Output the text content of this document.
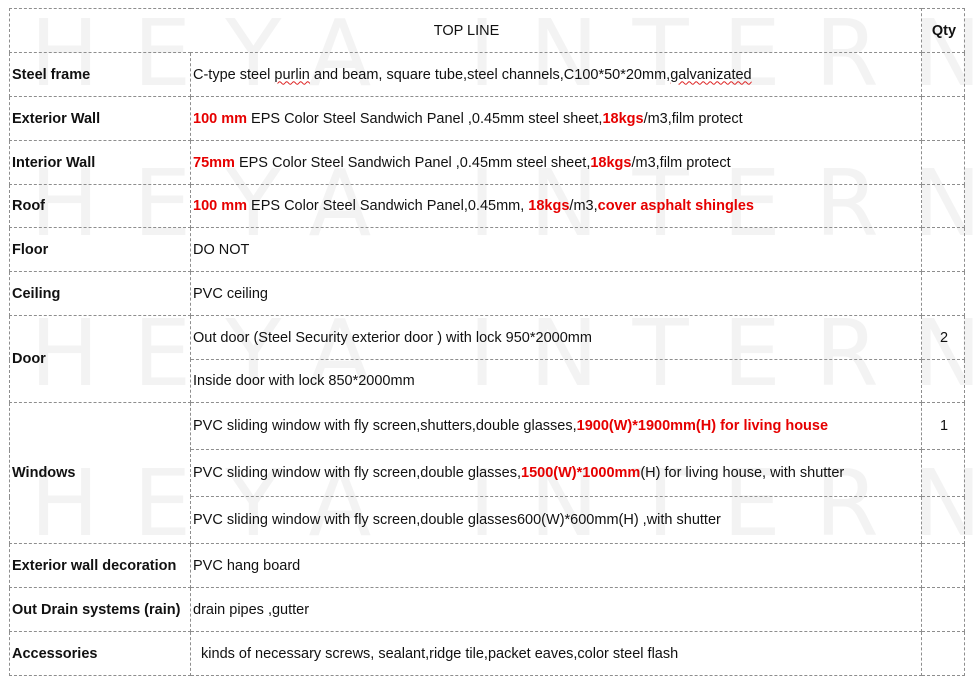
TOP LINE		Qty
Steel frame	C-type steel purlin and beam, square tube,steel channels,C100*50*20mm,galvanizated	
Exterior Wall	100 mm EPS Color Steel Sandwich Panel ,0.45mm steel sheet,18kgs/m3,film protect	
Interior Wall	75mm EPS Color Steel Sandwich Panel ,0.45mm steel sheet,18kgs/m3,film protect	
Roof	100 mm EPS Color Steel Sandwich Panel,0.45mm, 18kgs/m3,cover asphalt shingles	
Floor	DO NOT	
Ceiling	PVC ceiling	
Door	Out door (Steel Security exterior door ) with lock 950*2000mm	2
	Inside door with lock 850*2000mm	
Windows	PVC sliding window with fly screen,shutters,double glasses,1900(W)*1900mm(H) for living house	1
	PVC sliding window with fly screen,double glasses,1500(W)*1000mm(H) for living house, with shutter	
	PVC sliding window with fly screen,double glasses600(W)*600mm(H) ,with shutter	
Exterior wall decoration	PVC hang board	
Out Drain systems (rain)	drain pipes ,gutter	
Accessories	kinds of necessary screws, sealant,ridge tile,packet eaves,color steel flash	
